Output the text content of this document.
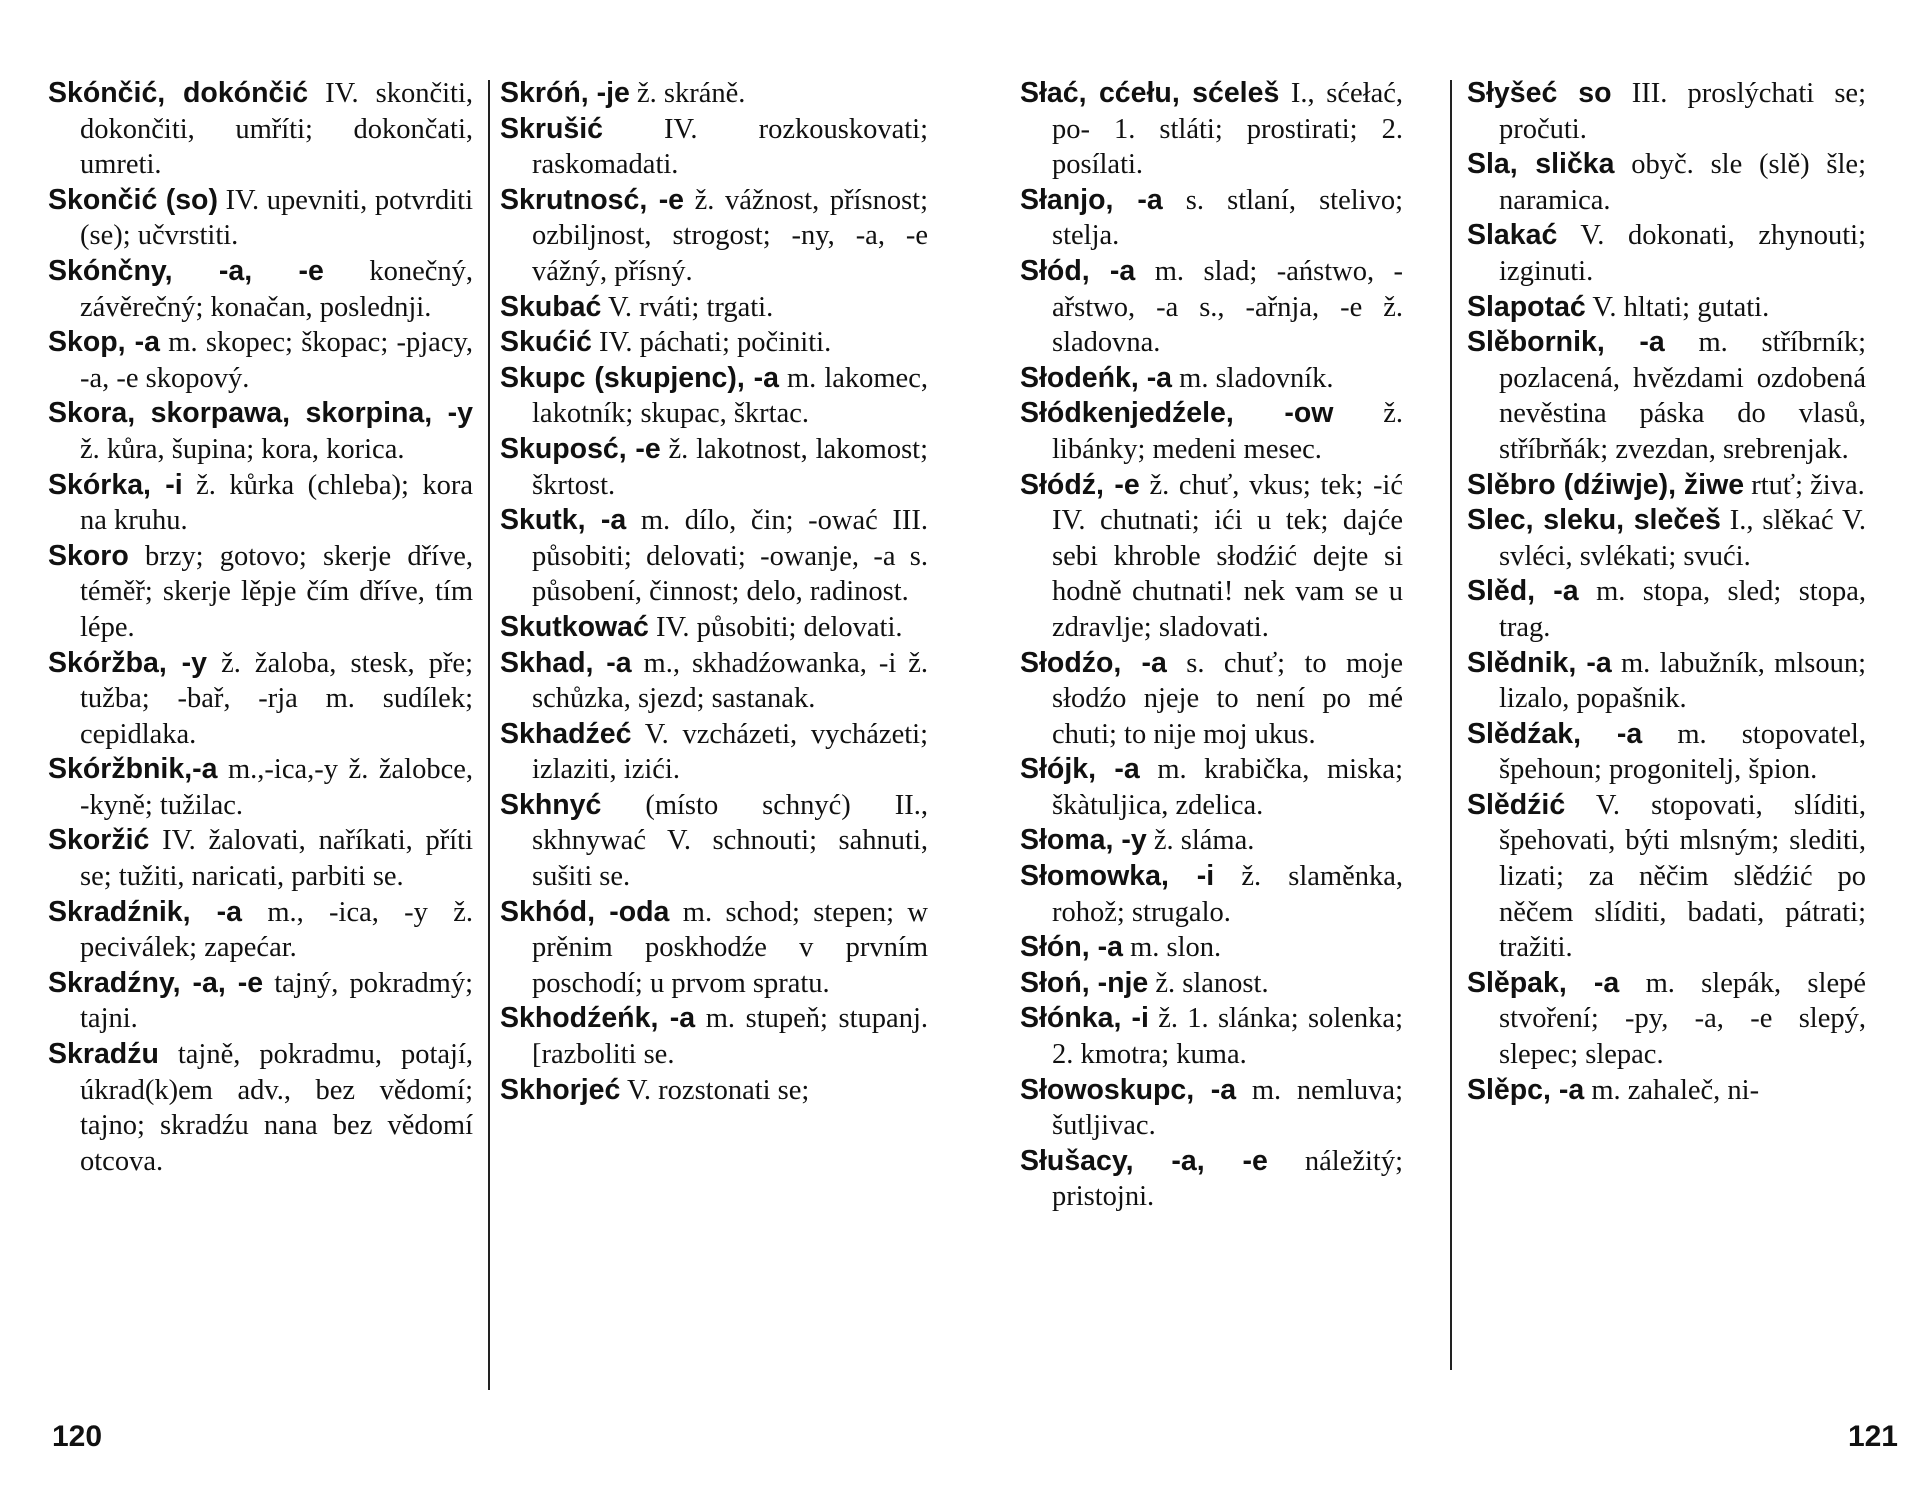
Skónčić, dokónčić IV. skončiti, dokončiti, umříti; dokončati, umreti.

Skončić (so) IV. upevniti, potvrditi (se); učvrstiti.

Skónčny, -a, -e konečný, závěrečný; konačan, poslednji.

Skop, -a m. skopec; škopac; -pjacy, -a, -e skopový.

Skora, skorpawa, skorpina, -y ž. kůra, šupina; kora, korica.

Skórka, -i ž. kůrka (chleba); kora na kruhu.

Skoro brzy; gotovo; skerje dříve, téměř; skerje lěpje čím dříve, tím lépe.

Skóržba, -y ž. žaloba, stesk, pře; tužba; -bař, -rja m. sudílek; cepidlaka.

Skóržbnik,-a m.,-ica,-y ž. žalobce, -kyně; tužilac.

Skoržić IV. žalovati, naříkati, příti se; tužiti, naricati, parbiti se.

Skradźnik, -a m., -ica, -y ž. peciválek; zapećar.

Skradźny, -a, -e tajný, pokradmý; tajni.

Skradźu tajně, pokradmu, potají, úkrad(k)em adv., bez vědomí; tajno; skradźu nana bez vědomí otcova.

Skróń, -je ž. skráně.

Skrušić IV. rozkouskovati; raskomadati.

Skrutnosć, -e ž. vážnost, přísnost; ozbiljnost, strogost; -ny, -a, -e vážný, přísný.

Skubać V. rváti; trgati.

Skućić IV. páchati; počiniti.

Skupc (skupjenc), -a m. lakomec, lakotník; skupac, škrtac.

Skuposć, -e ž. lakotnost, lakomost; škrtost.

Skutk, -a m. dílo, čin; -ować III. působiti; delovati; -owanje, -a s. působení, činnost; delo, radinost.

Skutkować IV. působiti; delovati.

Skhad, -a m., skhadźowanka, -i ž. schůzka, sjezd; sastanak.

Skhadźeć V. vzcházeti, vycházeti; izlaziti, izići.

Skhnyć (místo schnyć) II., skhnywać V. schnouti; sahnuti, sušiti se.

Skhód, -oda m. schod; stepen; w prěnim poskhodźe v prvním poschodí; u prvom spratu.

Skhodźeńk, -a m. stupeň; stupanj. [razboliti se.

Skhorjeć V. rozstonati se;

120

Słać, cćełu, sćeleš I., sćełać, po- 1. stláti; prostirati; 2. posílati.

Słanjo, -a s. stlaní, stelivo; stelja.

Słód, -a m. slad; -aństwo, -ařstwo, -a s., -ařnja, -e ž. sladovna.

Słodeńk, -a m. sladovník.

Słódkenjedźele, -ow ž. libánky; medeni mesec.

Słódź, -e ž. chuť, vkus; tek; -ić IV. chutnati; ići u tek; dajće sebi khroble słodźić dejte si hodně chutnati! nek vam se u zdravlje; sladovati.

Słodźo, -a s. chuť; to moje słodźo njeje to není po mé chuti; to nije moj ukus.

Słójk, -a m. krabička, miska; škàtuljica, zdelica.

Słoma, -y ž. sláma.

Słomowka, -i ž. slaměnka, rohož; strugalo.

Słón, -a m. slon.

Słoń, -nje ž. slanost.

Słónka, -i ž. 1. slánka; solenka; 2. kmotra; kuma.

Słowoskupc, -a m. nemluva; šutljivac.

Słušacy, -a, -e náležitý; pristojni.

Słyšeć so III. proslýchati se; pročuti.

Sla, slička obyč. sle (slě) šle; naramica.

Slakać V. dokonati, zhynouti; izginuti.

Slapotać V. hltati; gutati.

Slěbornik, -a m. stříbrník; pozlacená, hvězdami ozdobená nevěstina páska do vlasů, stříbrňák; zvezdan, srebrenjak.

Slěbro (dźiwje), žiwe rtuť; živa.

Slec, sleku, slečeš I., slěkać V. svléci, svlékati; svući.

Slěd, -a m. stopa, sled; stopa, trag.

Slědnik, -a m. labužník, mlsoun; lizalo, popašnik.

Slědźak, -a m. stopovatel, špehoun; progonitelj, špion.

Slědźić V. stopovati, slíditi, špehovati, býti mlsným; slediti, lizati; za něčim slědźić po něčem slíditi, badati, pátrati; tražiti.

Slěpak, -a m. slepák, slepé stvoření; -py, -a, -e slepý, slepec; slepac.

Slěpc, -a m. zahaleč, ni-

121
